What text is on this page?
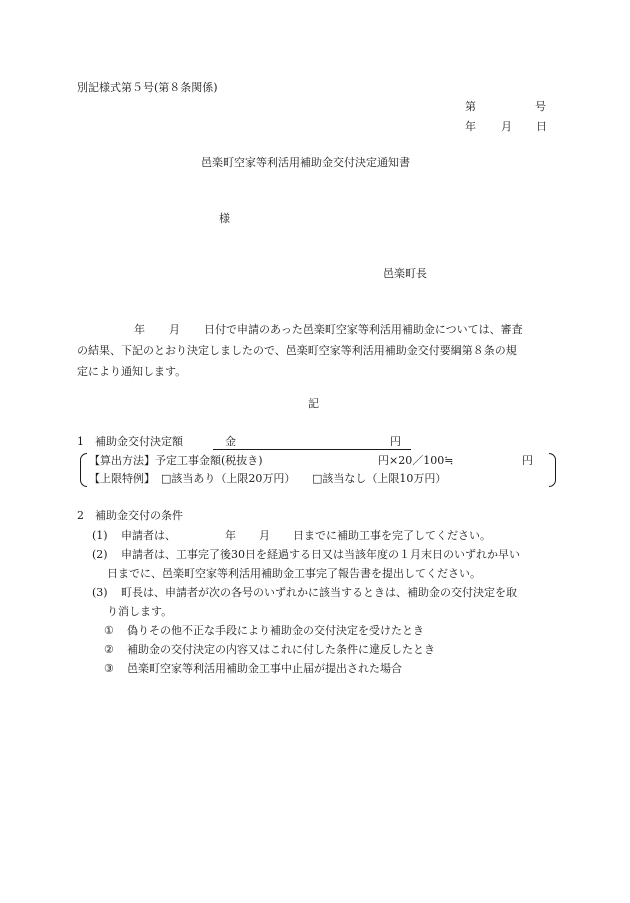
別記様式第５号(第８条関係)
第	号
年 月 日
邑楽町空家等利活用補助金交付決定通知書
様
邑楽町長

年 月 日付で申請のあった邑楽町空家等利活用補助金については、審査

の結果、下記のとおり決定しましたので、邑楽町空家等利活用補助金交付要綱第８条の規

定により通知します。

記
1　補助金交付決定額	金	円
【算出方法】予定工事金額(税抜き)	円×20／100≒	円
【上限特例】 □該当あり（上限20万円） □該当なし（上限10万円）
2　補助金交付の条件
(1) 申請者は、	年 月 日までに補助工事を完了してください。
(2) 申請者は、工事完了後30日を経過する日又は当該年度の１月末日のいずれか早い
日までに、邑楽町空家等利活用補助金工事完了報告書を提出してください。
(3) 町長は、申請者が次の各号のいずれかに該当するときは、補助金の交付決定を取
り消します。
① 偽りその他不正な手段により補助金の交付決定を受けたとき
② 補助金の交付決定の内容又はこれに付した条件に違反したとき
③ 邑楽町空家等利活用補助金工事中止届が提出された場合
